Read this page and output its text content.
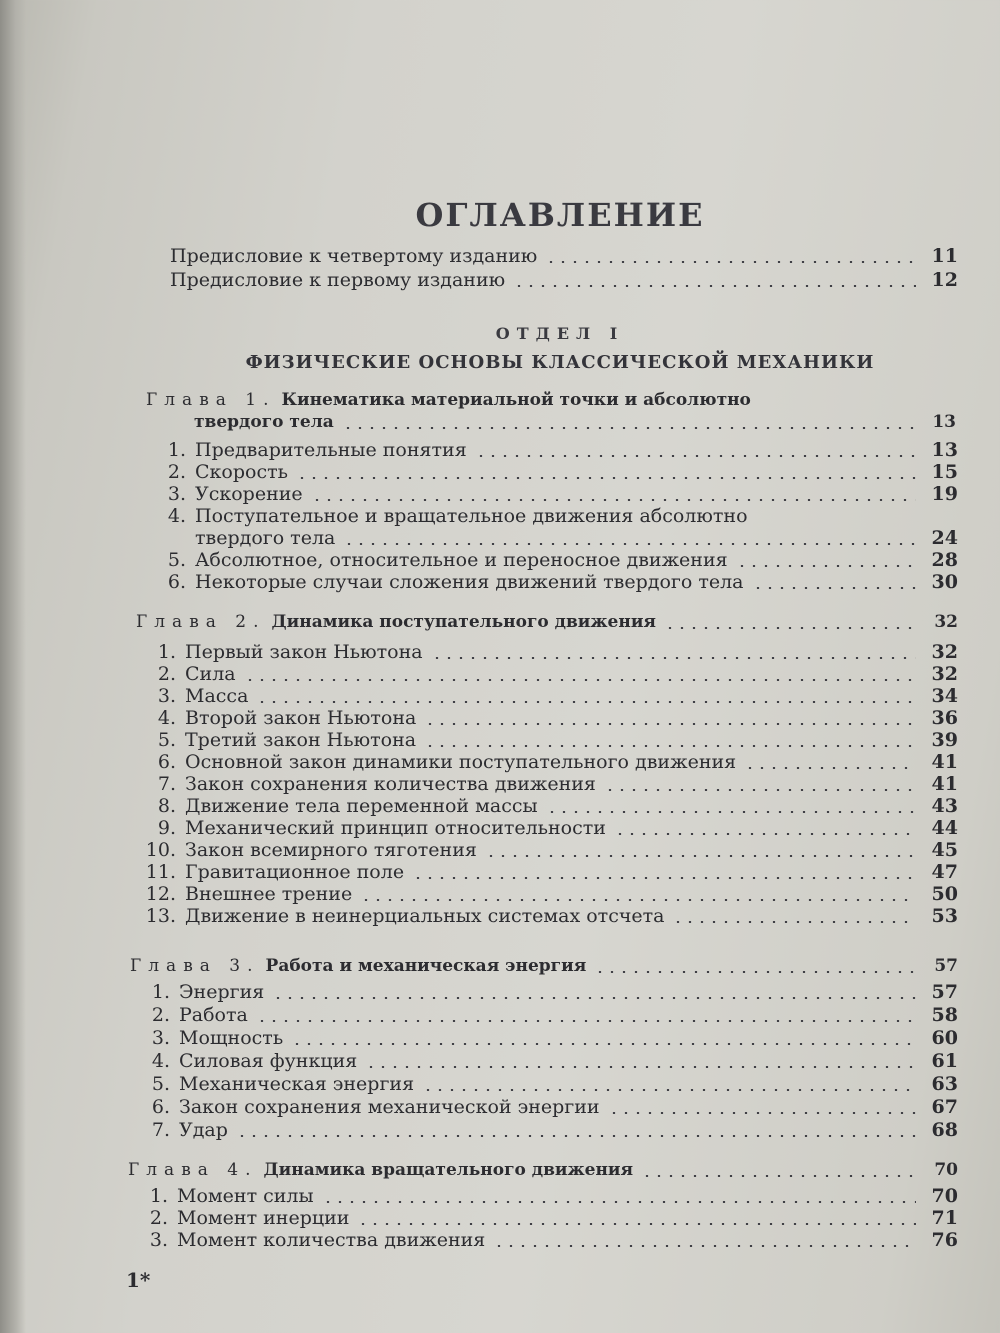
ОГЛАВЛЕНИЕ
Предисловие к четвертому изданию	11
Предисловие к первому изданию	12
ОТДЕЛ I
ФИЗИЧЕСКИЕ ОСНОВЫ КЛАССИЧЕСКОЙ МЕХАНИКИ
Глава 1. Кинематика материальной точки и абсолютно
твердого тела	13
1. Предварительные понятия	13
2. Скорость	15
3. Ускорение	19
4. Поступательное и вращательное движения абсолютно
твердого тела	24
5. Абсолютное, относительное и переносное движения	28
6. Некоторые случаи сложения движений твердого тела	30
Глава 2. Динамика поступательного движения	32
1. Первый закон Ньютона	32
2. Сила	32
3. Масса	34
4. Второй закон Ньютона	36
5. Третий закон Ньютона	39
6. Основной закон динамики поступательного движения	41
7. Закон сохранения количества движения	41
8. Движение тела переменной массы	43
9. Механический принцип относительности	44
10. Закон всемирного тяготения	45
11. Гравитационное поле	47
12. Внешнее трение	50
13. Движение в неинерциальных системах отсчета	53
Глава 3. Работа и механическая энергия	57
1. Энергия	57
2. Работа	58
3. Мощность	60
4. Силовая функция	61
5. Механическая энергия	63
6. Закон сохранения механической энергии	67
7. Удар	68
Глава 4. Динамика вращательного движения	70
1. Момент силы	70
2. Момент инерции	71
3. Момент количества движения	76
1*
